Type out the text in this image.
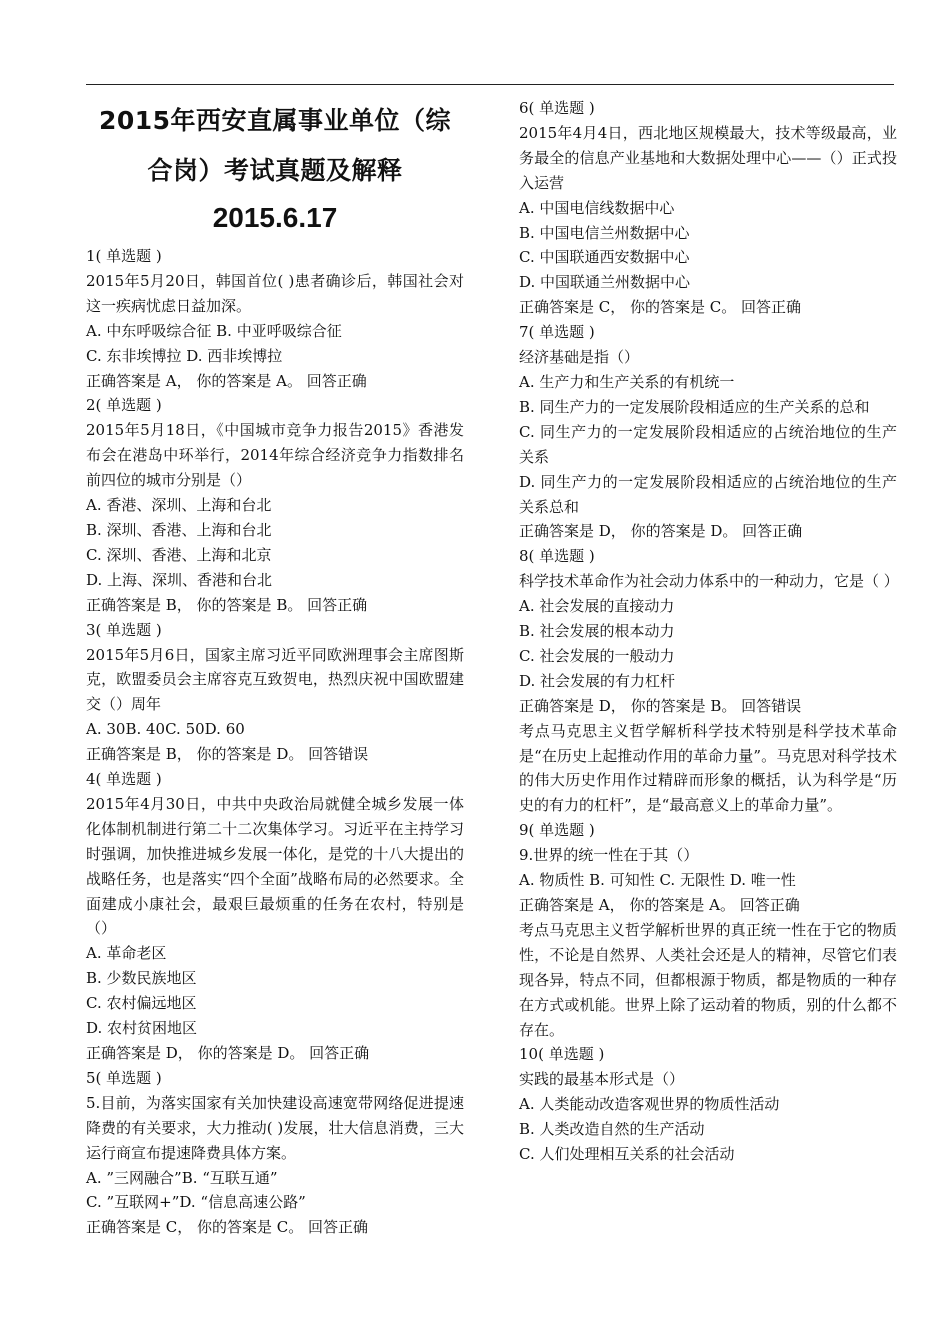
2015年西安直属事业单位（综

合岗）考试真题及解释

2015.6.17

1( 单选题 )

2015年5月20日，韩国首位( )患者确诊后，韩国社会对这一疾病忧虑日益加深。

A. 中东呼吸综合征 B. 中亚呼吸综合征

C. 东非埃博拉 D. 西非埃博拉

正确答案是 A， 你的答案是 A。 回答正确

2( 单选题 )

2015年5月18日，《中国城市竞争力报告2015》香港发布会在港岛中环举行，2014年综合经济竞争力指数排名前四位的城市分别是（）

A. 香港、深圳、上海和台北

B. 深圳、香港、上海和台北

C. 深圳、香港、上海和北京

D. 上海、深圳、香港和台北

正确答案是 B， 你的答案是 B。 回答正确

3( 单选题 )

2015年5月6日，国家主席习近平同欧洲理事会主席图斯克，欧盟委员会主席容克互致贺电，热烈庆祝中国欧盟建交（）周年

A. 30B. 40C. 50D. 60

正确答案是 B， 你的答案是 D。 回答错误

4( 单选题 )

2015年4月30日，中共中央政治局就健全城乡发展一体化体制机制进行第二十二次集体学习。习近平在主持学习时强调，加快推进城乡发展一体化，是党的十八大提出的战略任务，也是落实“四个全面”战略布局的必然要求。全面建成小康社会，最艰巨最烦重的任务在农村，特别是（）

A. 革命老区

B. 少数民族地区

C. 农村偏远地区

D. 农村贫困地区

正确答案是 D， 你的答案是 D。 回答正确

5( 单选题 )

5.目前，为落实国家有关加快建设高速宽带网络促进提速降费的有关要求，大力推动( )发展，壮大信息消费，三大运行商宣布提速降费具体方案。

A. ”三网融合”B. “互联互通”

C. ”互联网+”D. “信息高速公路”

正确答案是 C， 你的答案是 C。 回答正确

6( 单选题 )

2015年4月4日，西北地区规模最大，技术等级最高，业务最全的信息产业基地和大数据处理中心——（）正式投入运营

A. 中国电信线数据中心

B. 中国电信兰州数据中心

C. 中国联通西安数据中心

D. 中国联通兰州数据中心

正确答案是 C， 你的答案是 C。 回答正确

7( 单选题 )

经济基础是指（）

A. 生产力和生产关系的有机统一

B. 同生产力的一定发展阶段相适应的生产关系的总和

C. 同生产力的一定发展阶段相适应的占统治地位的生产关系

D. 同生产力的一定发展阶段相适应的占统治地位的生产关系总和

正确答案是 D， 你的答案是 D。 回答正确

8( 单选题 )

科学技术革命作为社会动力体系中的一种动力，它是（ ）

A. 社会发展的直接动力

B. 社会发展的根本动力

C. 社会发展的一般动力

D. 社会发展的有力杠杆

正确答案是 D， 你的答案是 B。 回答错误

考点马克思主义哲学解析科学技术特别是科学技术革命是“在历史上起推动作用的革命力量”。马克思对科学技术的伟大历史作用作过精辟而形象的概括，认为科学是“历史的有力的杠杆”，是“最高意义上的革命力量”。

9( 单选题 )

9.世界的统一性在于其（）

A. 物质性 B. 可知性 C. 无限性 D. 唯一性

正确答案是 A， 你的答案是 A。 回答正确

考点马克思主义哲学解析世界的真正统一性在于它的物质性，不论是自然界、人类社会还是人的精神，尽管它们表现各异，特点不同，但都根源于物质，都是物质的一种存在方式或机能。世界上除了运动着的物质，别的什么都不存在。

10( 单选题 )

实践的最基本形式是（）

A. 人类能动改造客观世界的物质性活动

B. 人类改造自然的生产活动

C. 人们处理相互关系的社会活动
